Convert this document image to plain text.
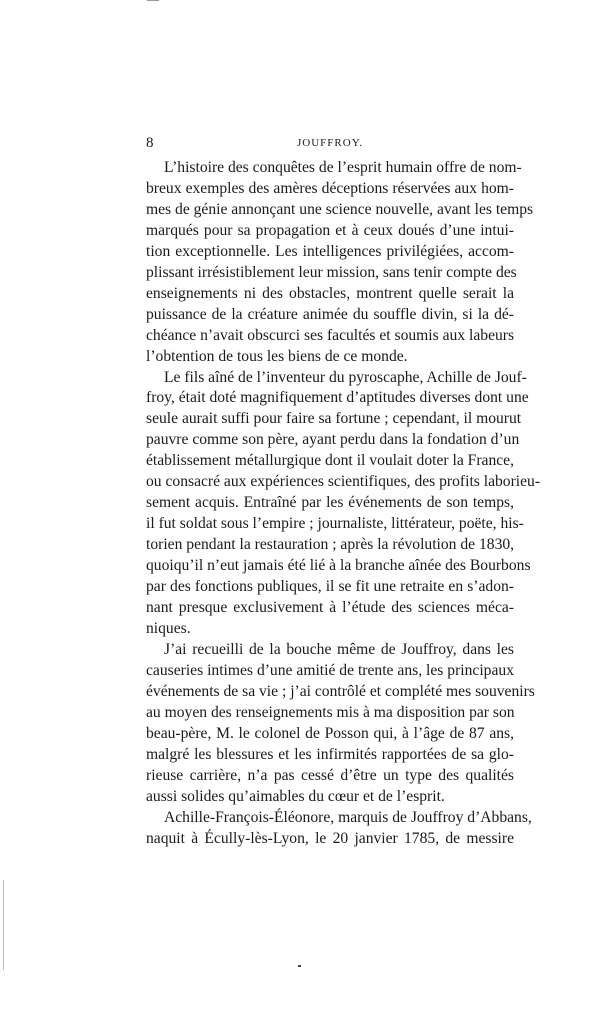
8	JOUFFROY.
L’histoire des conquêtes de l’esprit humain offre de nom-
breux exemples des amères déceptions réservées aux hom-
mes de génie annonçant une science nouvelle, avant les temps
marqués pour sa propagation et à ceux doués d’une intui-
tion exceptionnelle. Les intelligences privilégiées, accom-
plissant irrésistiblement leur mission, sans tenir compte des
enseignements ni des obstacles, montrent quelle serait la
puissance de la créature animée du souffle divin, si la dé-
chéance n’avait obscurci ses facultés et soumis aux labeurs
l’obtention de tous les biens de ce monde.
Le fils aîné de l’inventeur du pyroscaphe, Achille de Jouf-
froy, était doté magnifiquement d’aptitudes diverses dont une
seule aurait suffi pour faire sa fortune ; cependant, il mourut
pauvre comme son père, ayant perdu dans la fondation d’un
établissement métallurgique dont il voulait doter la France,
ou consacré aux expériences scientifiques, des profits laborieu-
sement acquis. Entraîné par les événements de son temps,
il fut soldat sous l’empire ; journaliste, littérateur, poëte, his-
torien pendant la restauration ; après la révolution de 1830,
quoiqu’il n’eut jamais été lié à la branche aînée des Bourbons
par des fonctions publiques, il se fit une retraite en s’adon-
nant presque exclusivement à l’étude des sciences méca-
niques.
J’ai recueilli de la bouche même de Jouffroy, dans les
causeries intimes d’une amitié de trente ans, les principaux
événements de sa vie ; j’ai contrôlé et complété mes souvenirs
au moyen des renseignements mis à ma disposition par son
beau-père, M. le colonel de Posson qui, à l’âge de 87 ans,
malgré les blessures et les infirmités rapportées de sa glo-
rieuse carrière, n’a pas cessé d’être un type des qualités
aussi solides qu’aimables du cœur et de l’esprit.
Achille-François-Éléonore, marquis de Jouffroy d’Abbans,
naquit à Écully-lès-Lyon, le 20 janvier 1785, de messire
